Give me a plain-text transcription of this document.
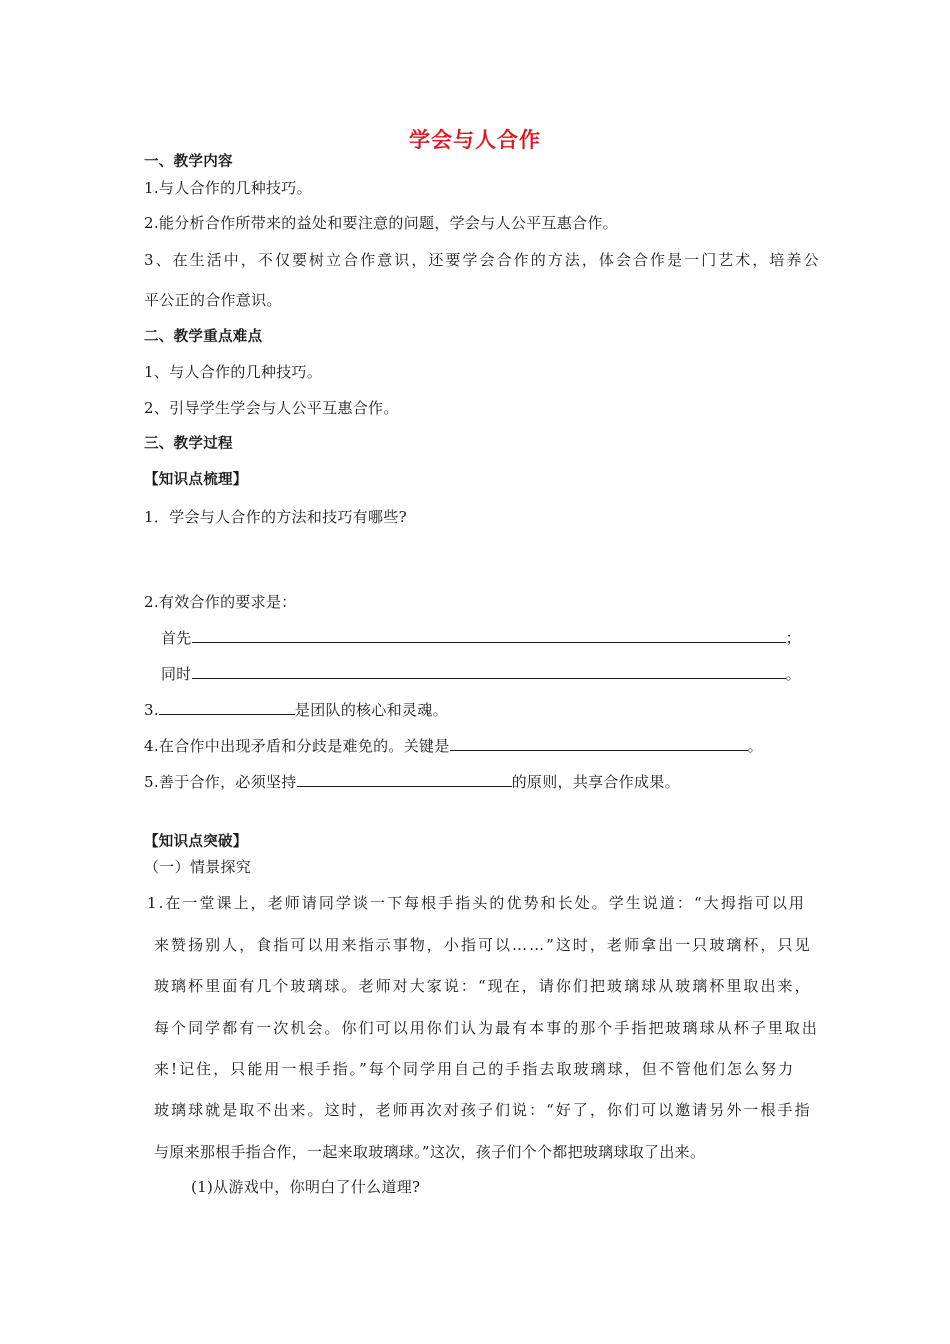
学会与人合作
一、教学内容
1.与人合作的几种技巧。
2.能分析合作所带来的益处和要注意的问题，学会与人公平互惠合作。
3、在生活中，不仅要树立合作意识，还要学会合作的方法，体会合作是一门艺术，培养公
平公正的合作意识。
二、教学重点难点
1、与人合作的几种技巧。
2、引导学生学会与人公平互惠合作。
三、教学过程
【知识点梳理】
1．学会与人合作的方法和技巧有哪些?
2.有效合作的要求是：
首先	；
同时	。
3.	是团队的核心和灵魂。
4.在合作中出现矛盾和分歧是难免的。关键是	。
5.善于合作，必须坚持	的原则，共享合作成果。
【知识点突破】
（一）情景探究
1.在一堂课上，老师请同学谈一下每根手指头的优势和长处。学生说道：“大拇指可以用
来赞扬别人，食指可以用来指示事物，小指可以……”这时，老师拿出一只玻璃杯，只见
玻璃杯里面有几个玻璃球。老师对大家说：“现在，请你们把玻璃球从玻璃杯里取出来，
每个同学都有一次机会。你们可以用你们认为最有本事的那个手指把玻璃球从杯子里取出
来!记住，只能用一根手指。”每个同学用自己的手指去取玻璃球，但不管他们怎么努力
玻璃球就是取不出来。这时，老师再次对孩子们说：“好了，你们可以邀请另外一根手指
与原来那根手指合作，一起来取玻璃球。”这次，孩子们个个都把玻璃球取了出来。
(1)从游戏中，你明白了什么道理?
